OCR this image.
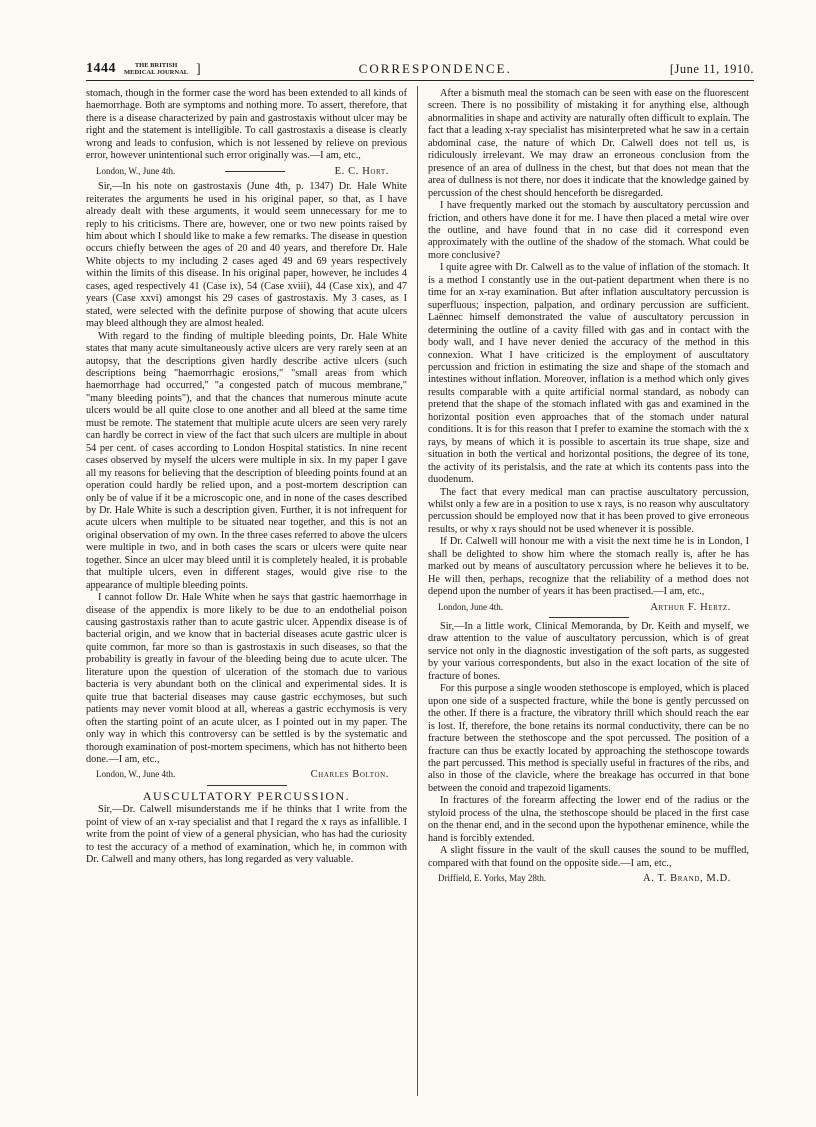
1444	THE BRITISH
MEDICAL JOURNAL ]	CORRESPONDENCE.	[June 11, 1910.

stomach, though in the former case the word has been extended to all kinds of haemorrhage. Both are symptoms and nothing more. To assert, therefore, that there is a disease characterized by pain and gastrostaxis without ulcer may be right and the statement is intelligible. To call gastrostaxis a disease is clearly wrong and leads to confusion, which is not lessened by relieve on previous error, however unintentional such error originally was.—I am, etc.,

London, W., June 4th.	E. C. Hort.

Sir,—In his note on gastrostaxis (June 4th, p. 1347) Dr. Hale White reiterates the arguments he used in his original paper, so that, as I have already dealt with these arguments, it would seem unnecessary for me to reply to his criticisms. There are, however, one or two new points raised by him about which I should like to make a few remarks. The disease in question occurs chiefly between the ages of 20 and 40 years, and therefore Dr. Hale White objects to my including 2 cases aged 49 and 69 years respectively within the limits of this disease. In his original paper, however, he includes 4 cases, aged respectively 41 (Case ix), 54 (Case xviii), 44 (Case xix), and 47 years (Case xxvi) amongst his 29 cases of gastrostaxis. My 3 cases, as I stated, were selected with the definite purpose of showing that acute ulcers may bleed although they are almost healed.

With regard to the finding of multiple bleeding points, Dr. Hale White states that many acute simultaneously active ulcers are very rarely seen at an autopsy, that the descriptions given hardly describe active ulcers (such descriptions being "haemorrhagic erosions," "small areas from which haemorrhage had occurred," "a congested patch of mucous membrane," "many bleeding points"), and that the chances that numerous minute acute ulcers would be all quite close to one another and all bleed at the same time must be remote. The statement that multiple acute ulcers are seen very rarely can hardly be correct in view of the fact that such ulcers are multiple in about 54 per cent. of cases according to London Hospital statistics. In nine recent cases observed by myself the ulcers were multiple in six. In my paper I gave all my reasons for believing that the description of bleeding points found at an operation could hardly be relied upon, and a post-mortem description can only be of value if it be a microscopic one, and in none of the cases described by Dr. Hale White is such a description given. Further, it is not infrequent for acute ulcers when multiple to be situated near together, and this is not an original observation of my own. In the three cases referred to above the ulcers were multiple in two, and in both cases the scars or ulcers were quite near together. Since an ulcer may bleed until it is completely healed, it is probable that multiple ulcers, even in different stages, would give rise to the appearance of multiple bleeding points.

I cannot follow Dr. Hale White when he says that gastric haemorrhage in disease of the appendix is more likely to be due to an endothelial poison causing gastrostaxis rather than to acute gastric ulcer. Appendix disease is of bacterial origin, and we know that in bacterial diseases acute gastric ulcer is quite common, far more so than is gastrostaxis in such diseases, so that the probability is greatly in favour of the bleeding being due to acute ulcer. The literature upon the question of ulceration of the stomach due to various bacteria is very abundant both on the clinical and experimental sides. It is quite true that bacterial diseases may cause gastric ecchymoses, but such patients may never vomit blood at all, whereas a gastric ecchymosis is very often the starting point of an acute ulcer, as I pointed out in my paper. The only way in which this controversy can be settled is by the systematic and thorough examination of post-mortem specimens, which has not hitherto been done.—I am, etc.,

London, W., June 4th.	Charles Bolton.
AUSCULTATORY PERCUSSION.

Sir,—Dr. Calwell misunderstands me if he thinks that I write from the point of view of an x-ray specialist and that I regard the x rays as infallible. I write from the point of view of a general physician, who has had the curiosity to test the accuracy of a method of examination, which he, in common with Dr. Calwell and many others, has long regarded as very valuable.

After a bismuth meal the stomach can be seen with ease on the fluorescent screen. There is no possibility of mistaking it for anything else, although abnormalities in shape and activity are naturally often difficult to explain. The fact that a leading x-ray specialist has misinterpreted what he saw in a certain abdominal case, the nature of which Dr. Calwell does not tell us, is ridiculously irrelevant. We may draw an erroneous conclusion from the presence of an area of dullness in the chest, but that does not mean that the area of dullness is not there, nor does it indicate that the knowledge gained by percussion of the chest should henceforth be disregarded.

I have frequently marked out the stomach by auscultatory percussion and friction, and others have done it for me. I have then placed a metal wire over the outline, and have found that in no case did it correspond even approximately with the outline of the shadow of the stomach. What could be more conclusive?

I quite agree with Dr. Calwell as to the value of inflation of the stomach. It is a method I constantly use in the out-patient department when there is no time for an x-ray examination. But after inflation auscultatory percussion is superfluous; inspection, palpation, and ordinary percussion are sufficient. Laënnec himself demonstrated the value of auscultatory percussion in determining the outline of a cavity filled with gas and in contact with the body wall, and I have never denied the accuracy of the method in this connexion. What I have criticized is the employment of auscultatory percussion and friction in estimating the size and shape of the stomach and intestines without inflation. Moreover, inflation is a method which only gives results comparable with a quite artificial normal standard, as nobody can pretend that the shape of the stomach inflated with gas and examined in the horizontal position even approaches that of the stomach under natural conditions. It is for this reason that I prefer to examine the stomach with the x rays, by means of which it is possible to ascertain its true shape, size and situation in both the vertical and horizontal positions, the degree of its tone, the activity of its peristalsis, and the rate at which its contents pass into the duodenum.

The fact that every medical man can practise auscultatory percussion, whilst only a few are in a position to use x rays, is no reason why auscultatory percussion should be employed now that it has been proved to give erroneous results, or why x rays should not be used whenever it is possible.

If Dr. Calwell will honour me with a visit the next time he is in London, I shall be delighted to show him where the stomach really is, after he has marked out by means of auscultatory percussion where he believes it to be. He will then, perhaps, recognize that the reliability of a method does not depend upon the number of years it has been practised.—I am, etc.,

London, June 4th.	Arthur F. Hertz.

Sir,—In a little work, Clinical Memoranda, by Dr. Keith and myself, we draw attention to the value of auscultatory percussion, which is of great service not only in the diagnostic investigation of the soft parts, as suggested by your various correspondents, but also in the exact location of the site of fracture of bones.

For this purpose a single wooden stethoscope is employed, which is placed upon one side of a suspected fracture, while the bone is gently percussed on the other. If there is a fracture, the vibratory thrill which should reach the ear is lost. If, therefore, the bone retains its normal conductivity, there can be no fracture between the stethoscope and the spot percussed. The position of a fracture can thus be exactly located by approaching the stethoscope towards the part percussed. This method is specially useful in fractures of the ribs, and also in those of the clavicle, where the breakage has occurred in that bone between the conoid and trapezoid ligaments.

In fractures of the forearm affecting the lower end of the radius or the styloid process of the ulna, the stethoscope should be placed in the first case on the thenar end, and in the second upon the hypothenar eminence, while the hand is forcibly extended.

A slight fissure in the vault of the skull causes the sound to be muffled, compared with that found on the opposite side.—I am, etc.,

Driffield, E. Yorks, May 28th.	A. T. Brand, M.D.
